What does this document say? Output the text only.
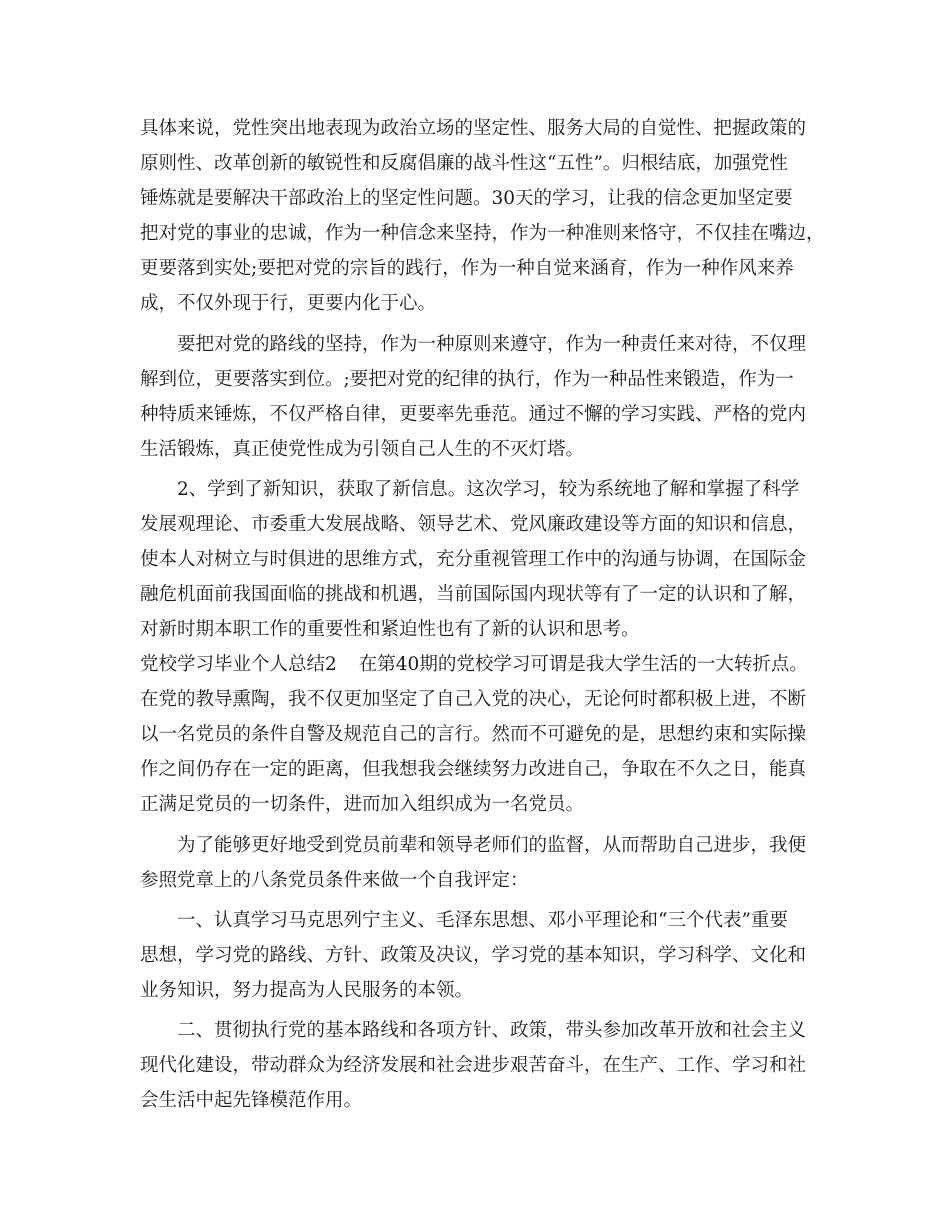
具体来说，党性突出地表现为政治立场的坚定性、服务大局的自觉性、把握政策的
原则性、改革创新的敏锐性和反腐倡廉的战斗性这“五性”。归根结底，加强党性
锤炼就是要解决干部政治上的坚定性问题。30天的学习，让我的信念更加坚定要
把对党的事业的忠诚，作为一种信念来坚持，作为一种准则来恪守，不仅挂在嘴边，
更要落到实处;要把对党的宗旨的践行，作为一种自觉来涵育，作为一种作风来养
成，不仅外现于行，更要内化于心。
要把对党的路线的坚持，作为一种原则来遵守，作为一种责任来对待，不仅理
解到位，更要落实到位。;要把对党的纪律的执行，作为一种品性来锻造，作为一
种特质来锤炼，不仅严格自律，更要率先垂范。通过不懈的学习实践、严格的党内
生活锻炼，真正使党性成为引领自己人生的不灭灯塔。
2、学到了新知识，获取了新信息。这次学习，较为系统地了解和掌握了科学
发展观理论、市委重大发展战略、领导艺术、党风廉政建设等方面的知识和信息，
使本人对树立与时俱进的思维方式，充分重视管理工作中的沟通与协调，在国际金
融危机面前我国面临的挑战和机遇，当前国际国内现状等有了一定的认识和了解，
对新时期本职工作的重要性和紧迫性也有了新的认识和思考。
党校学习毕业个人总结2 在第40期的党校学习可谓是我大学生活的一大转折点。
在党的教导熏陶，我不仅更加坚定了自己入党的决心，无论何时都积极上进，不断
以一名党员的条件自警及规范自己的言行。然而不可避免的是，思想约束和实际操
作之间仍存在一定的距离，但我想我会继续努力改进自己，争取在不久之日，能真
正满足党员的一切条件，进而加入组织成为一名党员。
为了能够更好地受到党员前辈和领导老师们的监督，从而帮助自己进步，我便
参照党章上的八条党员条件来做一个自我评定：
一、认真学习马克思列宁主义、毛泽东思想、邓小平理论和“三个代表”重要
思想，学习党的路线、方针、政策及决议，学习党的基本知识，学习科学、文化和
业务知识，努力提高为人民服务的本领。
二、贯彻执行党的基本路线和各项方针、政策，带头参加改革开放和社会主义
现代化建设，带动群众为经济发展和社会进步艰苦奋斗，在生产、工作、学习和社
会生活中起先锋模范作用。
